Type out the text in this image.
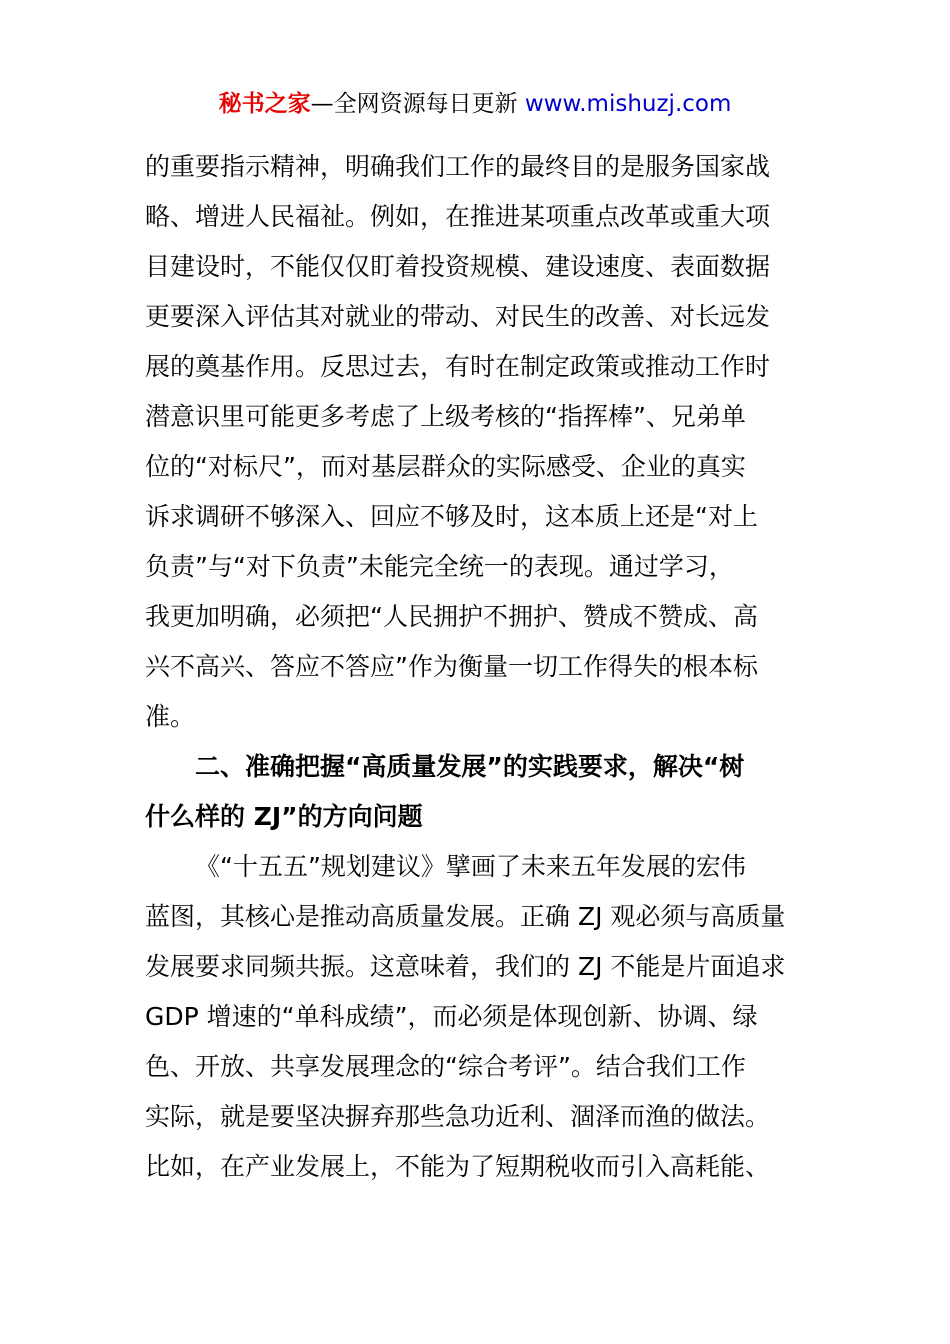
秘书之家—全网资源每日更新 www.mishuzj.com
的重要指示精神，明确我们工作的最终目的是服务国家战
略、增进人民福祉。例如，在推进某项重点改革或重大项
目建设时，不能仅仅盯着投资规模、建设速度、表面数据
更要深入评估其对就业的带动、对民生的改善、对长远发
展的奠基作用。反思过去，有时在制定政策或推动工作时
潜意识里可能更多考虑了上级考核的“指挥棒”、兄弟单
位的“对标尺”，而对基层群众的实际感受、企业的真实
诉求调研不够深入、回应不够及时，这本质上还是“对上
负责”与“对下负责”未能完全统一的表现。通过学习，
我更加明确，必须把“人民拥护不拥护、赞成不赞成、高
兴不高兴、答应不答应”作为衡量一切工作得失的根本标
准。
二、准确把握“高质量发展”的实践要求，解决“树
什么样的 ZJ”的方向问题
《“十五五”规划建议》擘画了未来五年发展的宏伟
蓝图，其核心是推动高质量发展。正确 ZJ 观必须与高质量
发展要求同频共振。这意味着，我们的 ZJ 不能是片面追求
GDP 增速的“单科成绩”，而必须是体现创新、协调、绿
色、开放、共享发展理念的“综合考评”。结合我们工作
实际，就是要坚决摒弃那些急功近利、涸泽而渔的做法。
比如，在产业发展上，不能为了短期税收而引入高耗能、
